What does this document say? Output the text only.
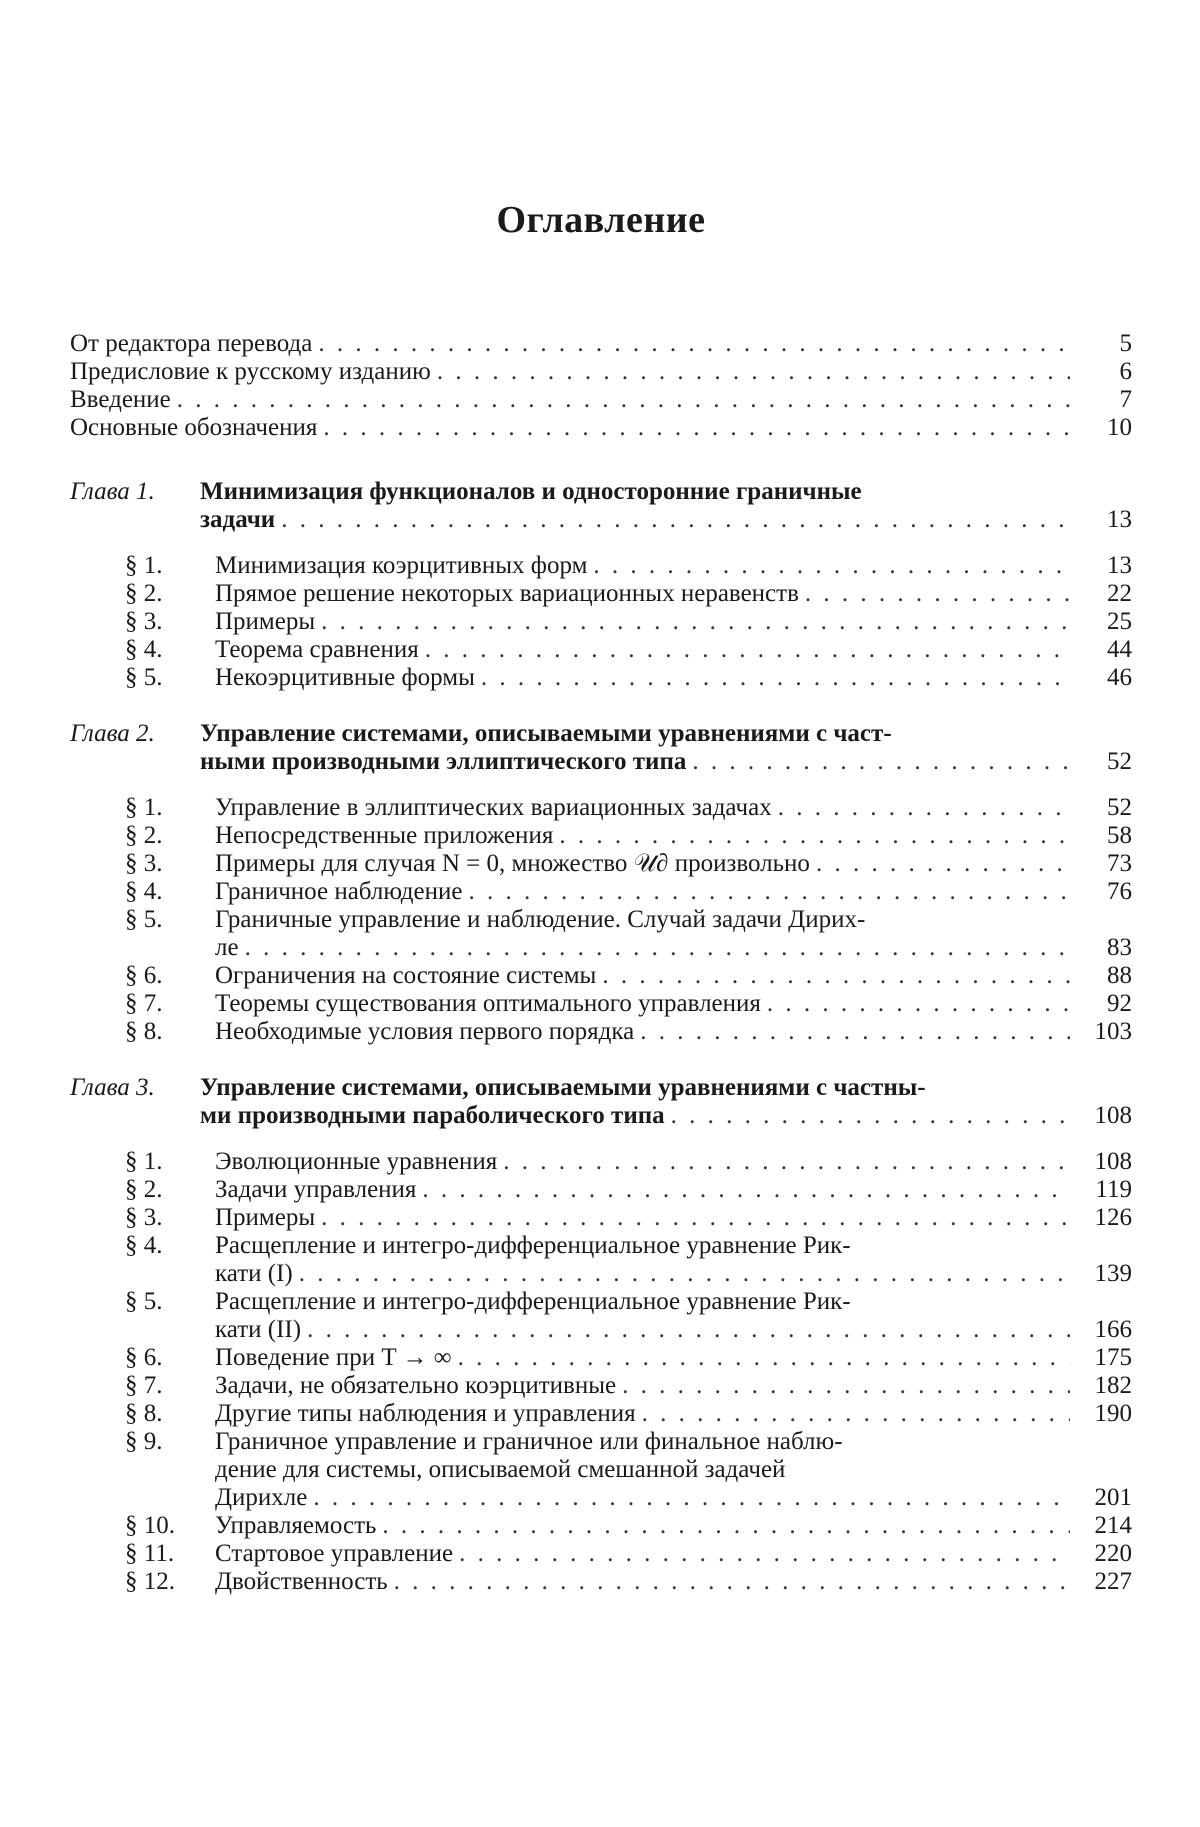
Оглавление
От редактора перевода . . .	5
Предисловие к русскому изданию . . .	6
Введение . . .	7
Основные обозначения . . .	10
Глава 1.	Минимизация функционалов и односторонние граничные
задачи . . .	13
§ 1.	Минимизация коэрцитивных форм . . .	13
§ 2.	Прямое решение некоторых вариационных неравенств . . .	22
§ 3.	Примеры . . .	25
§ 4.	Теорема сравнения . . .	44
§ 5.	Некоэрцитивные формы . . .	46
Глава 2.	Управление системами, описываемыми уравнениями с част-
ными производными эллиптического типа . . .	52
§ 1.	Управление в эллиптических вариационных задачах . . .	52
§ 2.	Непосредственные приложения . . .	58
§ 3.	Примеры для случая N = 0, множество 𝒰∂ произвольно . . .	73
§ 4.	Граничное наблюдение . . .	76
§ 5.	Граничные управление и наблюдение. Случай задачи Дирих-
ле . . .	83
§ 6.	Ограничения на состояние системы . . .	88
§ 7.	Теоремы существования оптимального управления . . .	92
§ 8.	Необходимые условия первого порядка . . .	103
Глава 3.	Управление системами, описываемыми уравнениями с частны-
ми производными параболического типа . . .	108
§ 1.	Эволюционные уравнения . . .	108
§ 2.	Задачи управления . . .	119
§ 3.	Примеры . . .	126
§ 4.	Расщепление и интегро-дифференциальное уравнение Рик-
кати (I) . . .	139
§ 5.	Расщепление и интегро-дифференциальное уравнение Рик-
кати (II) . . .	166
§ 6.	Поведение при T → ∞ . . .	175
§ 7.	Задачи, не обязательно коэрцитивные . . .	182
§ 8.	Другие типы наблюдения и управления . . .	190
§ 9.	Граничное управление и граничное или финальное наблю-
дение для системы, описываемой смешанной задачей
Дирихле . . .	201
§ 10.	Управляемость . . .	214
§ 11.	Стартовое управление . . .	220
§ 12.	Двойственность . . .	227
